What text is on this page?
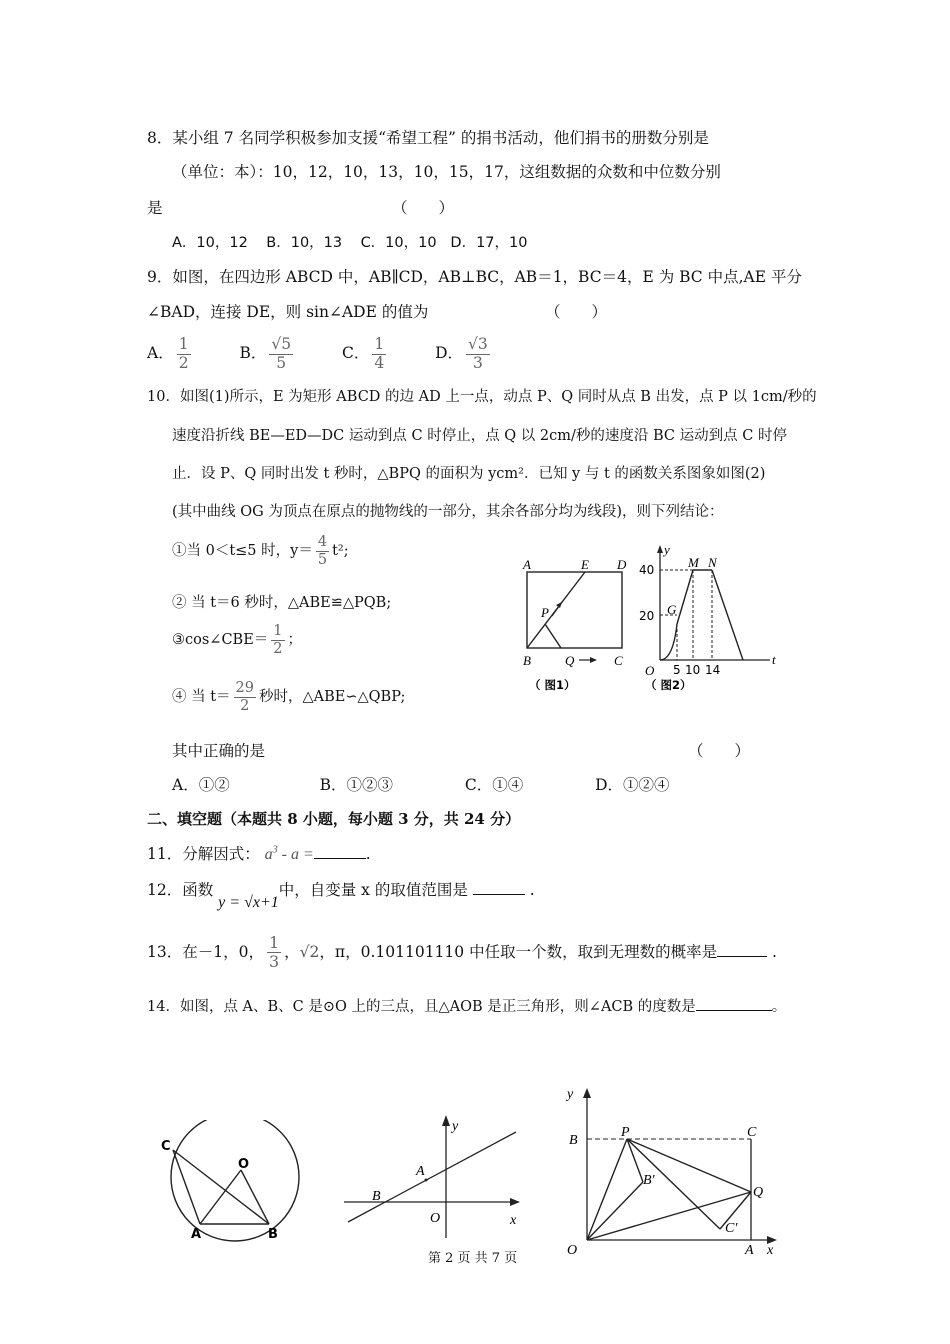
8．某小组 7 名同学积极参加支援“希望工程” 的捐书活动，他们捐书的册数分别是
（单位：本）：10，12，10，13，10，15，17，这组数据的众数和中位数分别
是	（　　）
A．10，12 B．10，13 C．10，10 D．17，10
9．如图，在四边形 ABCD 中，AB∥CD，AB⊥BC，AB＝1，BC＝4，E 为 BC 中点,AE 平分
∠BAD，连接 DE，则 sin∠ADE 的值为	（　　）
A． $\frac{1}{2}$	B． $\frac{√5}{5}$	C． $\frac{1}{4}$	D． $\frac{√3}{3}$
10．如图(1)所示，E 为矩形 ABCD 的边 AD 上一点，动点 P、Q 同时从点 B 出发，点 P 以 1cm/秒的
速度沿折线 BE—ED—DC 运动到点 C 时停止，点 Q 以 2cm/秒的速度沿 BC 运动到点 C 时停
止．设 P、Q 同时出发 t 秒时，△BPQ 的面积为 ycm²．已知 y 与 t 的函数关系图象如图(2)
(其中曲线 OG 为顶点在原点的抛物线的一部分，其余各部分均为线段)，则下列结论：
①当 0＜t≤5 时，$y= \frac{4}{5} t^2$;
② 当 t＝6 秒时，△ABE≌△PQB;
③cos∠CBE＝ $\frac{1}{2}$ ；
④ 当 $t= \frac{29}{2}$ 秒时，△ABE∽△QBP;
其中正确的是	（　　）
A．①②	B．①②③	C．①④	D．①②④
A	E D
P
B	Q	C
（ 图1）
y
t
M N
G
O
40
20
5 10 14
（ 图2）
二、填空题（本题共 8 小题，每小题 3 分，共 24 分）
11．分解因式： $a^3$ - a =	.
12．函数 y = √x+1中，自变量 x 的取值范围是	.
13．在－1，0， $\frac{1}{3}$ ，√2，π，0.101101110 中任取一个数，取到无理数的概率是	.
14．如图，点 A、B、C 是⊙O 上的三点，且△AOB 是正三角形，则∠ACB 的度数是	。
C
O
A	B
y
A
B
O	x
y
B
P	C
B′
Q
C′
O	A x
第 2 页 共 7 页
